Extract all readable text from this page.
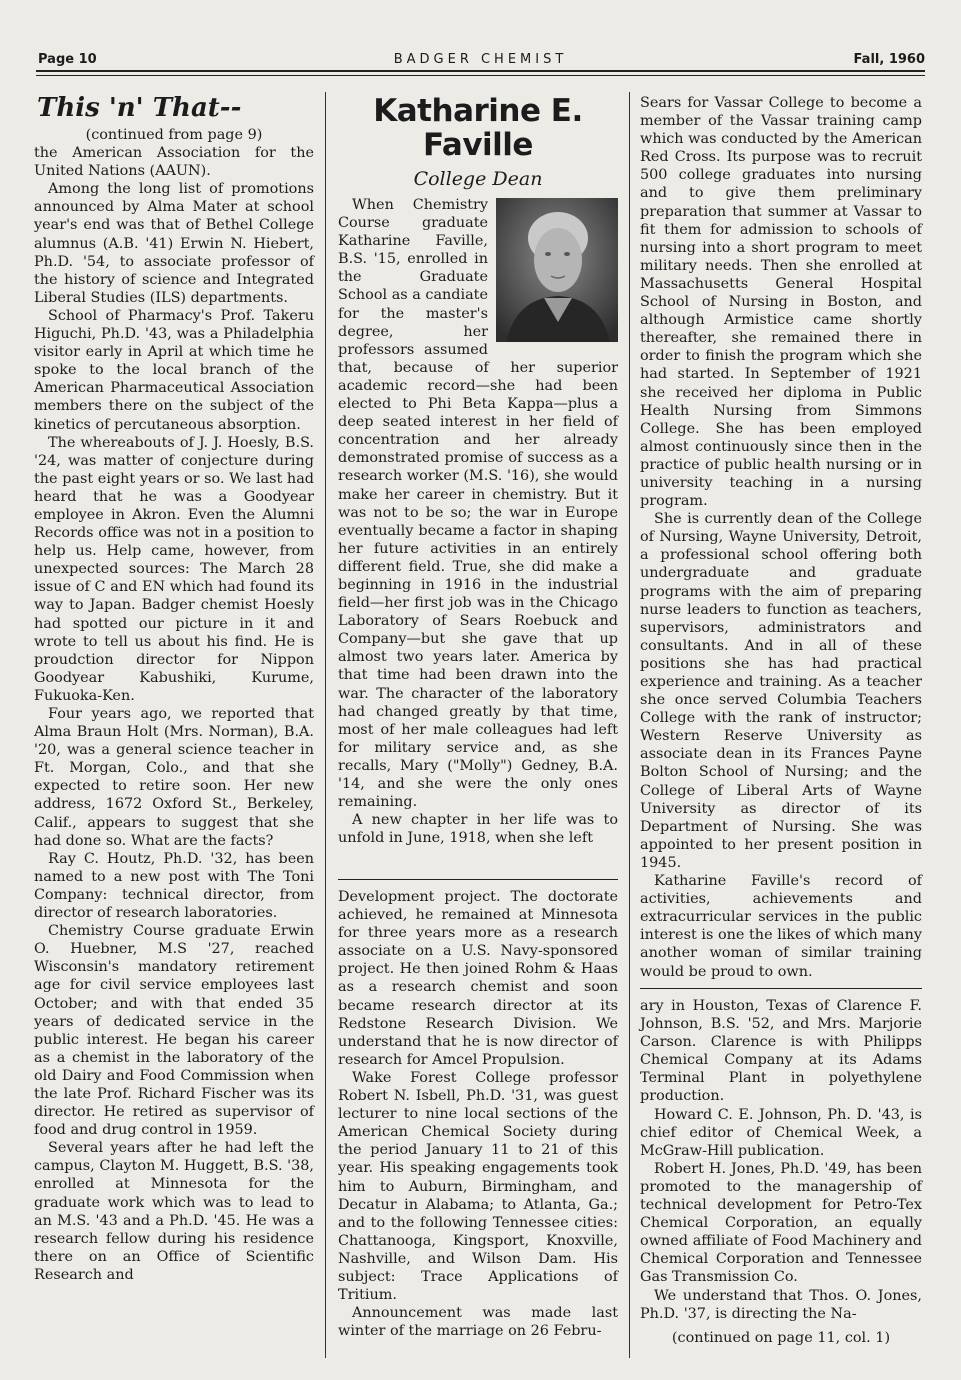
Page 10	BADGER CHEMIST	Fall, 1960
This 'n' That--

(continued from page 9)

the American Association for the United Nations (AAUN).

Among the long list of promotions announced by Alma Mater at school year's end was that of Bethel College alumnus (A.B. '41) Erwin N. Hiebert, Ph.D. '54, to associate professor of the history of science and Integrated Liberal Studies (ILS) departments.

School of Pharmacy's Prof. Takeru Higuchi, Ph.D. '43, was a Philadelphia visitor early in April at which time he spoke to the local branch of the American Pharmaceutical Association members there on the subject of the kinetics of percutaneous absorption.

The whereabouts of J. J. Hoesly, B.S. '24, was matter of conjecture during the past eight years or so. We last had heard that he was a Goodyear employee in Akron. Even the Alumni Records office was not in a position to help us. Help came, however, from unexpected sources: The March 28 issue of C and EN which had found its way to Japan. Badger chemist Hoesly had spotted our picture in it and wrote to tell us about his find. He is proudction director for Nippon Goodyear Kabushiki, Kurume, Fukuoka-Ken.

Four years ago, we reported that Alma Braun Holt (Mrs. Norman), B.A. '20, was a general science teacher in Ft. Morgan, Colo., and that she expected to retire soon. Her new address, 1672 Oxford St., Berkeley, Calif., appears to suggest that she had done so. What are the facts?

Ray C. Houtz, Ph.D. '32, has been named to a new post with The Toni Company: technical director, from director of research laboratories.

Chemistry Course graduate Erwin O. Huebner, M.S '27, reached Wisconsin's mandatory retirement age for civil service employees last October; and with that ended 35 years of dedicated service in the public interest. He began his career as a chemist in the laboratory of the old Dairy and Food Commission when the late Prof. Richard Fischer was its director. He retired as supervisor of food and drug control in 1959.

Several years after he had left the campus, Clayton M. Huggett, B.S. '38, enrolled at Minnesota for the graduate work which was to lead to an M.S. '43 and a Ph.D. '45. He was a research fellow during his residence there on an Office of Scientific Research and

Katharine E. Faville
College Dean

When Chemistry Course graduate Katharine Faville, B.S. '15, enrolled in the Graduate School as a candiate for the master's degree, her professors assumed that, because of her superior academic record—she had been elected to Phi Beta Kappa—plus a deep seated interest in her field of concentration and her already demonstrated promise of success as a research worker (M.S. '16), she would make her career in chemistry. But it was not to be so; the war in Europe eventually became a factor in shaping her future activities in an entirely different field. True, she did make a beginning in 1916 in the industrial field—her first job was in the Chicago Laboratory of Sears Roebuck and Company—but she gave that up almost two years later. America by that time had been drawn into the war. The character of the laboratory had changed greatly by that time, most of her male colleagues had left for military service and, as she recalls, Mary ("Molly") Gedney, B.A. '14, and she were the only ones remaining.

A new chapter in her life was to unfold in June, 1918, when she left

Development project. The doctorate achieved, he remained at Minnesota for three years more as a research associate on a U.S. Navy-sponsored project. He then joined Rohm & Haas as a research chemist and soon became research director at its Redstone Research Division. We understand that he is now director of research for Amcel Propulsion.

Wake Forest College professor Robert N. Isbell, Ph.D. '31, was guest lecturer to nine local sections of the American Chemical Society during the period January 11 to 21 of this year. His speaking engagements took him to Auburn, Birmingham, and Decatur in Alabama; to Atlanta, Ga.; and to the following Tennessee cities: Chattanooga, Kingsport, Knoxville, Nashville, and Wilson Dam. His subject: Trace Applications of Tritium.

Announcement was made last winter of the marriage on 26 Febru-

Sears for Vassar College to become a member of the Vassar training camp which was conducted by the American Red Cross. Its purpose was to recruit 500 college graduates into nursing and to give them preliminary preparation that summer at Vassar to fit them for admission to schools of nursing into a short program to meet military needs. Then she enrolled at Massachusetts General Hospital School of Nursing in Boston, and although Armistice came shortly thereafter, she remained there in order to finish the program which she had started. In September of 1921 she received her diploma in Public Health Nursing from Simmons College. She has been employed almost continuously since then in the practice of public health nursing or in university teaching in a nursing program.

She is currently dean of the College of Nursing, Wayne University, Detroit, a professional school offering both undergraduate and graduate programs with the aim of preparing nurse leaders to function as teachers, supervisors, administrators and consultants. And in all of these positions she has had practical experience and training. As a teacher she once served Columbia Teachers College with the rank of instructor; Western Reserve University as associate dean in its Frances Payne Bolton School of Nursing; and the College of Liberal Arts of Wayne University as director of its Department of Nursing. She was appointed to her present position in 1945.

Katharine Faville's record of activities, achievements and extracurricular services in the public interest is one the likes of which many another woman of similar training would be proud to own.

ary in Houston, Texas of Clarence F. Johnson, B.S. '52, and Mrs. Marjorie Carson. Clarence is with Philipps Chemical Company at its Adams Terminal Plant in polyethylene production.

Howard C. E. Johnson, Ph. D. '43, is chief editor of Chemical Week, a McGraw-Hill publication.

Robert H. Jones, Ph.D. '49, has been promoted to the managership of technical development for Petro-Tex Chemical Corporation, an equally owned affiliate of Food Machinery and Chemical Corporation and Tennessee Gas Transmission Co.

We understand that Thos. O. Jones, Ph.D. '37, is directing the Na-

(continued on page 11, col. 1)
